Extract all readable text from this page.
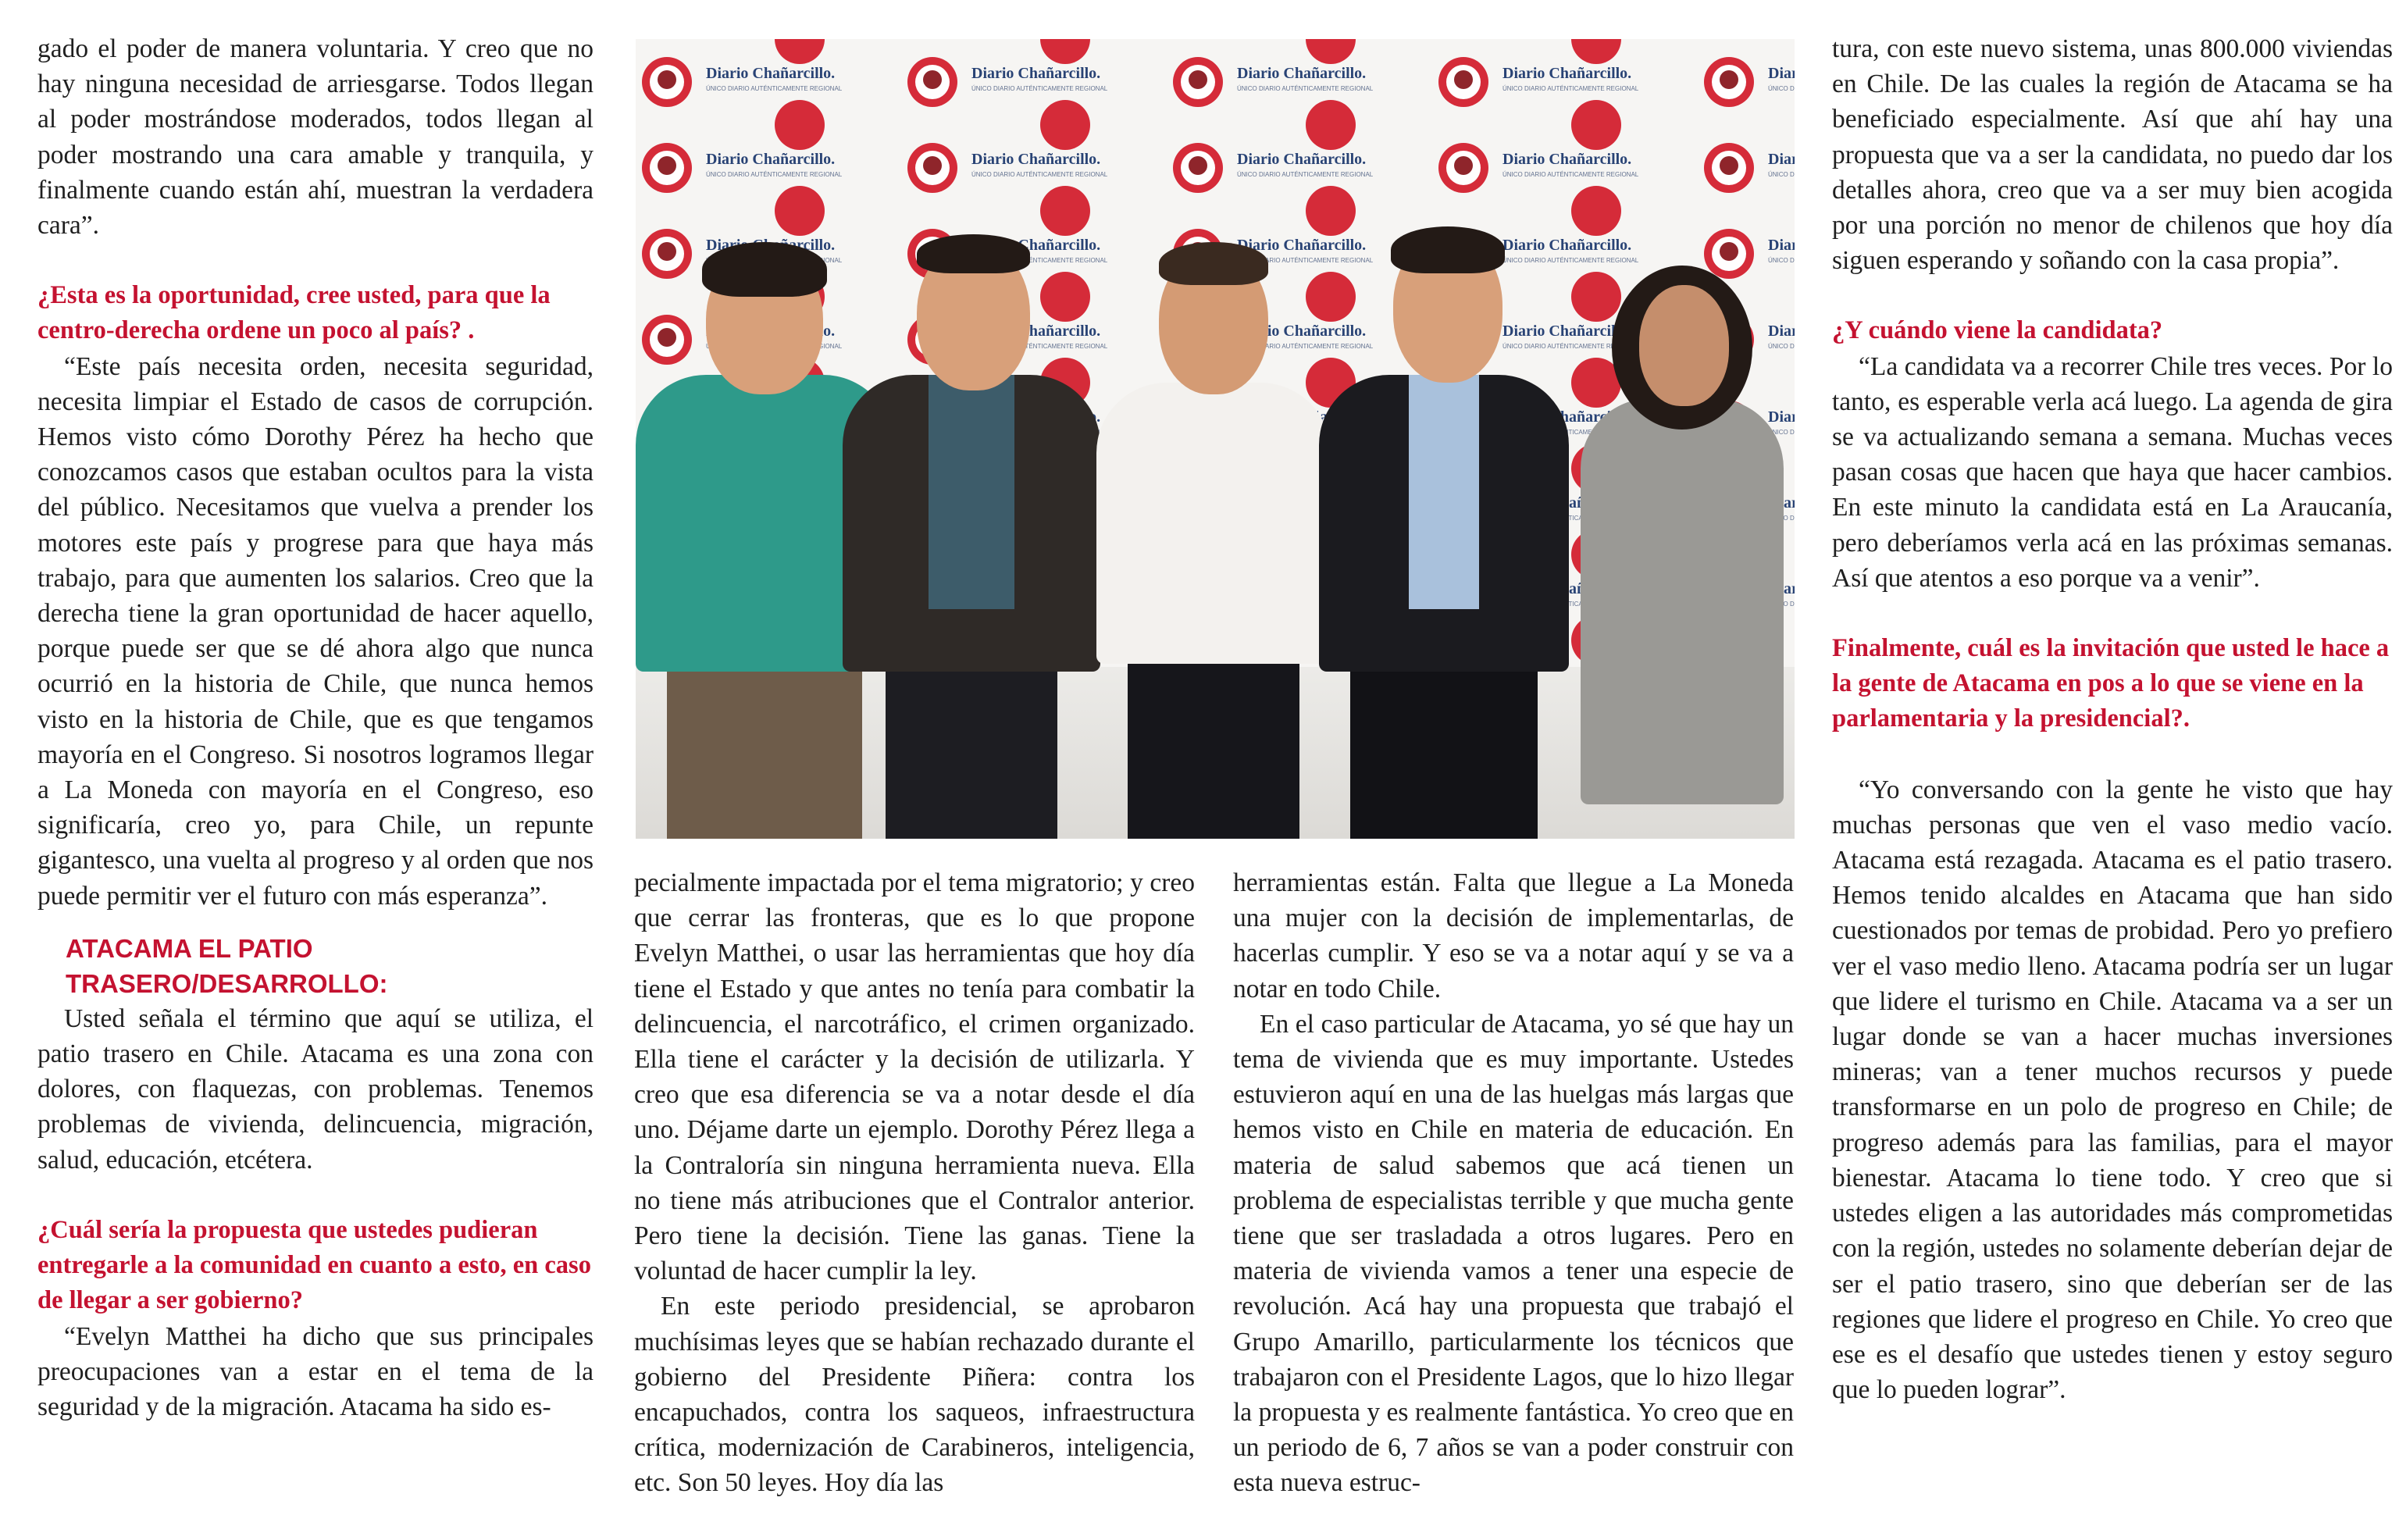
gado el poder de manera voluntaria. Y creo que no hay ninguna necesidad de arriesgarse. Todos llegan al poder mostrándose moderados, todos llegan al poder mostrando una cara amable y tranquila, y finalmente cuando están ahí, muestran la verdadera cara”.

¿Esta es la oportunidad, cree usted, para que la centro-derecha ordene un poco al país? .

“Este país necesita orden, necesita seguridad, necesita limpiar el Estado de casos de corrupción. Hemos visto cómo Dorothy Pérez ha hecho que conozcamos casos que estaban ocultos para la vista del público. Necesitamos que vuelva a prender los motores este país y progrese para que haya más trabajo, para que aumenten los salarios. Creo que la derecha tiene la gran oportunidad de hacer aquello, porque puede ser que se dé ahora algo que nunca ocurrió en la historia de Chile, que nunca hemos visto en la historia de Chile, que es que tengamos mayoría en el Congreso. Si nosotros logramos llegar a La Moneda con mayoría en el Congreso, eso significaría, creo yo, para Chile, un repunte gigantesco, una vuelta al progreso y al orden que nos puede permitir ver el futuro con más esperanza”.

ATACAMA EL PATIO
TRASERO/DESARROLLO:

Usted señala el término que aquí se utiliza, el patio trasero en Chile. Atacama es una zona con dolores, con flaquezas, con problemas. Tenemos problemas de vivienda, delincuencia, migración, salud, educación, etcétera.

¿Cuál sería la propuesta que ustedes pudieran entregarle a la comunidad en cuanto a esto, en caso de llegar a ser gobierno?

“Evelyn Matthei ha dicho que sus principales preocupaciones van a estar en el tema de la seguridad y de la migración. Atacama ha sido es-

pecialmente impactada por el tema migratorio; y creo que cerrar las fronteras, que es lo que propone Evelyn Matthei, o usar las herramientas que hoy día tiene el Estado y que antes no tenía para combatir la delincuencia, el narcotráfico, el crimen organizado. Ella tiene el carácter y la decisión de utilizarla. Y creo que esa diferencia se va a notar desde el día uno. Déjame darte un ejemplo. Dorothy Pérez llega a la Contraloría sin ninguna herramienta nueva. Ella no tiene más atribuciones que el Contralor anterior. Pero tiene la decisión. Tiene las ganas. Tiene la voluntad de hacer cumplir la ley.

En este periodo presidencial, se aprobaron muchísimas leyes que se habían rechazado durante el gobierno del Presidente Piñera: contra los encapuchados, contra los saqueos, infraestructura crítica, modernización de Carabineros, inteligencia, etc. Son 50 leyes. Hoy día las

herramientas están. Falta que llegue a La Moneda una mujer con la decisión de implementarlas, de hacerlas cumplir. Y eso se va a notar aquí y se va a notar en todo Chile.

En el caso particular de Atacama, yo sé que hay un tema de vivienda que es muy importante. Ustedes estuvieron aquí en una de las huelgas más largas que hemos visto en Chile en materia de educación. En materia de salud sabemos que acá tienen un problema de especialistas terrible y que mucha gente tiene que ser trasladada a otros lugares. Pero en materia de vivienda vamos a tener una especie de revolución. Acá hay una propuesta que trabajó el Grupo Amarillo, particularmente los técnicos que trabajaron con el Presidente Lagos, que lo hizo llegar la propuesta y es realmente fantástica. Yo creo que en un periodo de 6, 7 años se van a poder construir con esta nueva estruc-

tura, con este nuevo sistema, unas 800.000 viviendas en Chile. De las cuales la región de Atacama se ha beneficiado especialmente. Así que ahí hay una propuesta que va a ser la candidata, no puedo dar los detalles ahora, creo que va a ser muy bien acogida por una porción no menor de chilenos que hoy día siguen esperando y soñando con la casa propia”.

¿Y cuándo viene la candidata?

“La candidata va a recorrer Chile tres veces. Por lo tanto, es esperable verla acá luego. La agenda de gira se va actualizando semana a semana. Muchas veces pasan cosas que hacen que haya que hacer cambios. En este minuto la candidata está en La Araucanía, pero deberíamos verla acá en las próximas semanas. Así que atentos a eso porque va a venir”.

Finalmente, cuál es la invitación que usted le hace a la gente de Atacama en pos a lo que se viene en la parlamentaria y la presidencial?.

“Yo conversando con la gente he visto que hay muchas personas que ven el vaso medio vacío. Atacama está rezagada. Atacama es el patio trasero. Hemos tenido alcaldes en Atacama que han sido cuestionados por temas de probidad. Pero yo prefiero ver el vaso medio lleno. Atacama podría ser un lugar que lidere el turismo en Chile. Atacama va a ser un lugar donde se van a hacer muchas inversiones mineras; van a tener muchos recursos y puede transformarse en un polo de progreso en Chile; de progreso además para las familias, para el mayor bienestar. Atacama lo tiene todo. Y creo que si ustedes eligen a las autoridades más comprometidas con la región, ustedes no solamente deberían dejar de ser el patio trasero, sino que deberían ser de las regiones que lidere el progreso en Chile. Yo creo que ese es el desafío que ustedes tienen y estoy seguro que lo pueden lograr”.
